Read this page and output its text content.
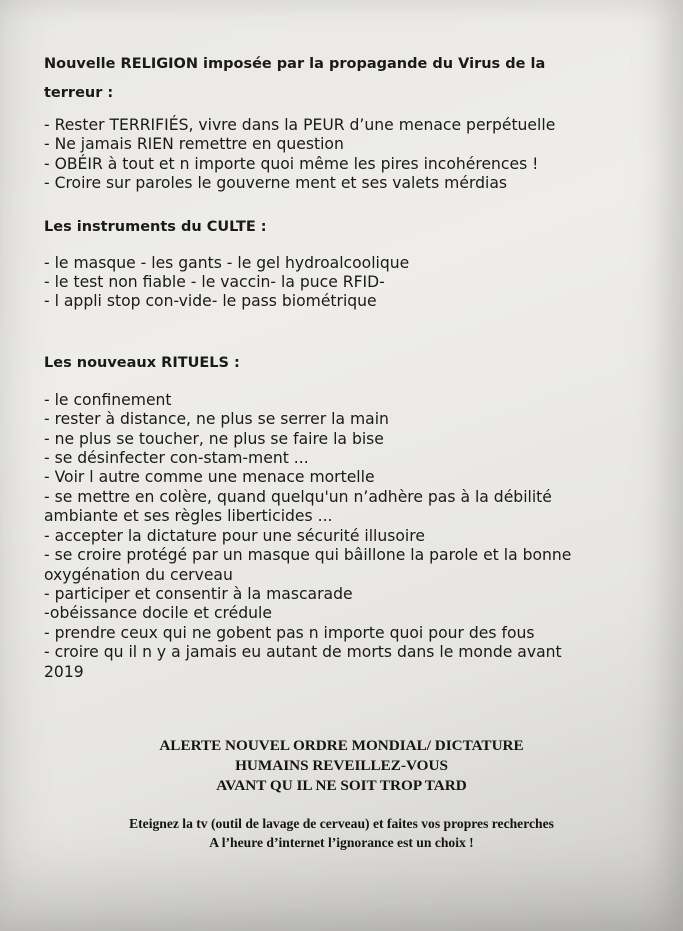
Nouvelle RELIGION imposée par la propagande du Virus de la
terreur :
- Rester TERRIFIÉS, vivre dans la PEUR d’une menace perpétuelle
- Ne jamais RIEN remettre en question
- OBÉIR à tout et n importe quoi même les pires incohérences !
- Croire sur paroles le gouverne ment et ses valets mérdias
Les instruments du CULTE :
- le masque - les gants - le gel hydroalcoolique
- le test non fiable - le vaccin- la puce RFID-
- l appli stop con-vide- le pass biométrique
Les nouveaux RITUELS :
- le confinement
- rester à distance, ne plus se serrer la main
- ne plus se toucher, ne plus se faire la bise
- se désinfecter con-stam-ment ...
- Voir l autre comme une menace mortelle
- se mettre en colère, quand quelqu'un n’adhère pas à la débilité
ambiante et ses règles liberticides ...
- accepter la dictature pour une sécurité illusoire
- se croire protégé par un masque qui bâillone la parole et la bonne
oxygénation du cerveau
- participer et consentir à la mascarade
-obéissance docile et crédule
- prendre ceux qui ne gobent pas n importe quoi pour des fous
- croire qu il n y a jamais eu autant de morts dans le monde avant
2019
ALERTE NOUVEL ORDRE MONDIAL/ DICTATURE
HUMAINS REVEILLEZ-VOUS
AVANT QU IL NE SOIT TROP TARD
Eteignez la tv (outil de lavage de cerveau) et faites vos propres recherches
A l’heure d’internet l’ignorance est un choix !
